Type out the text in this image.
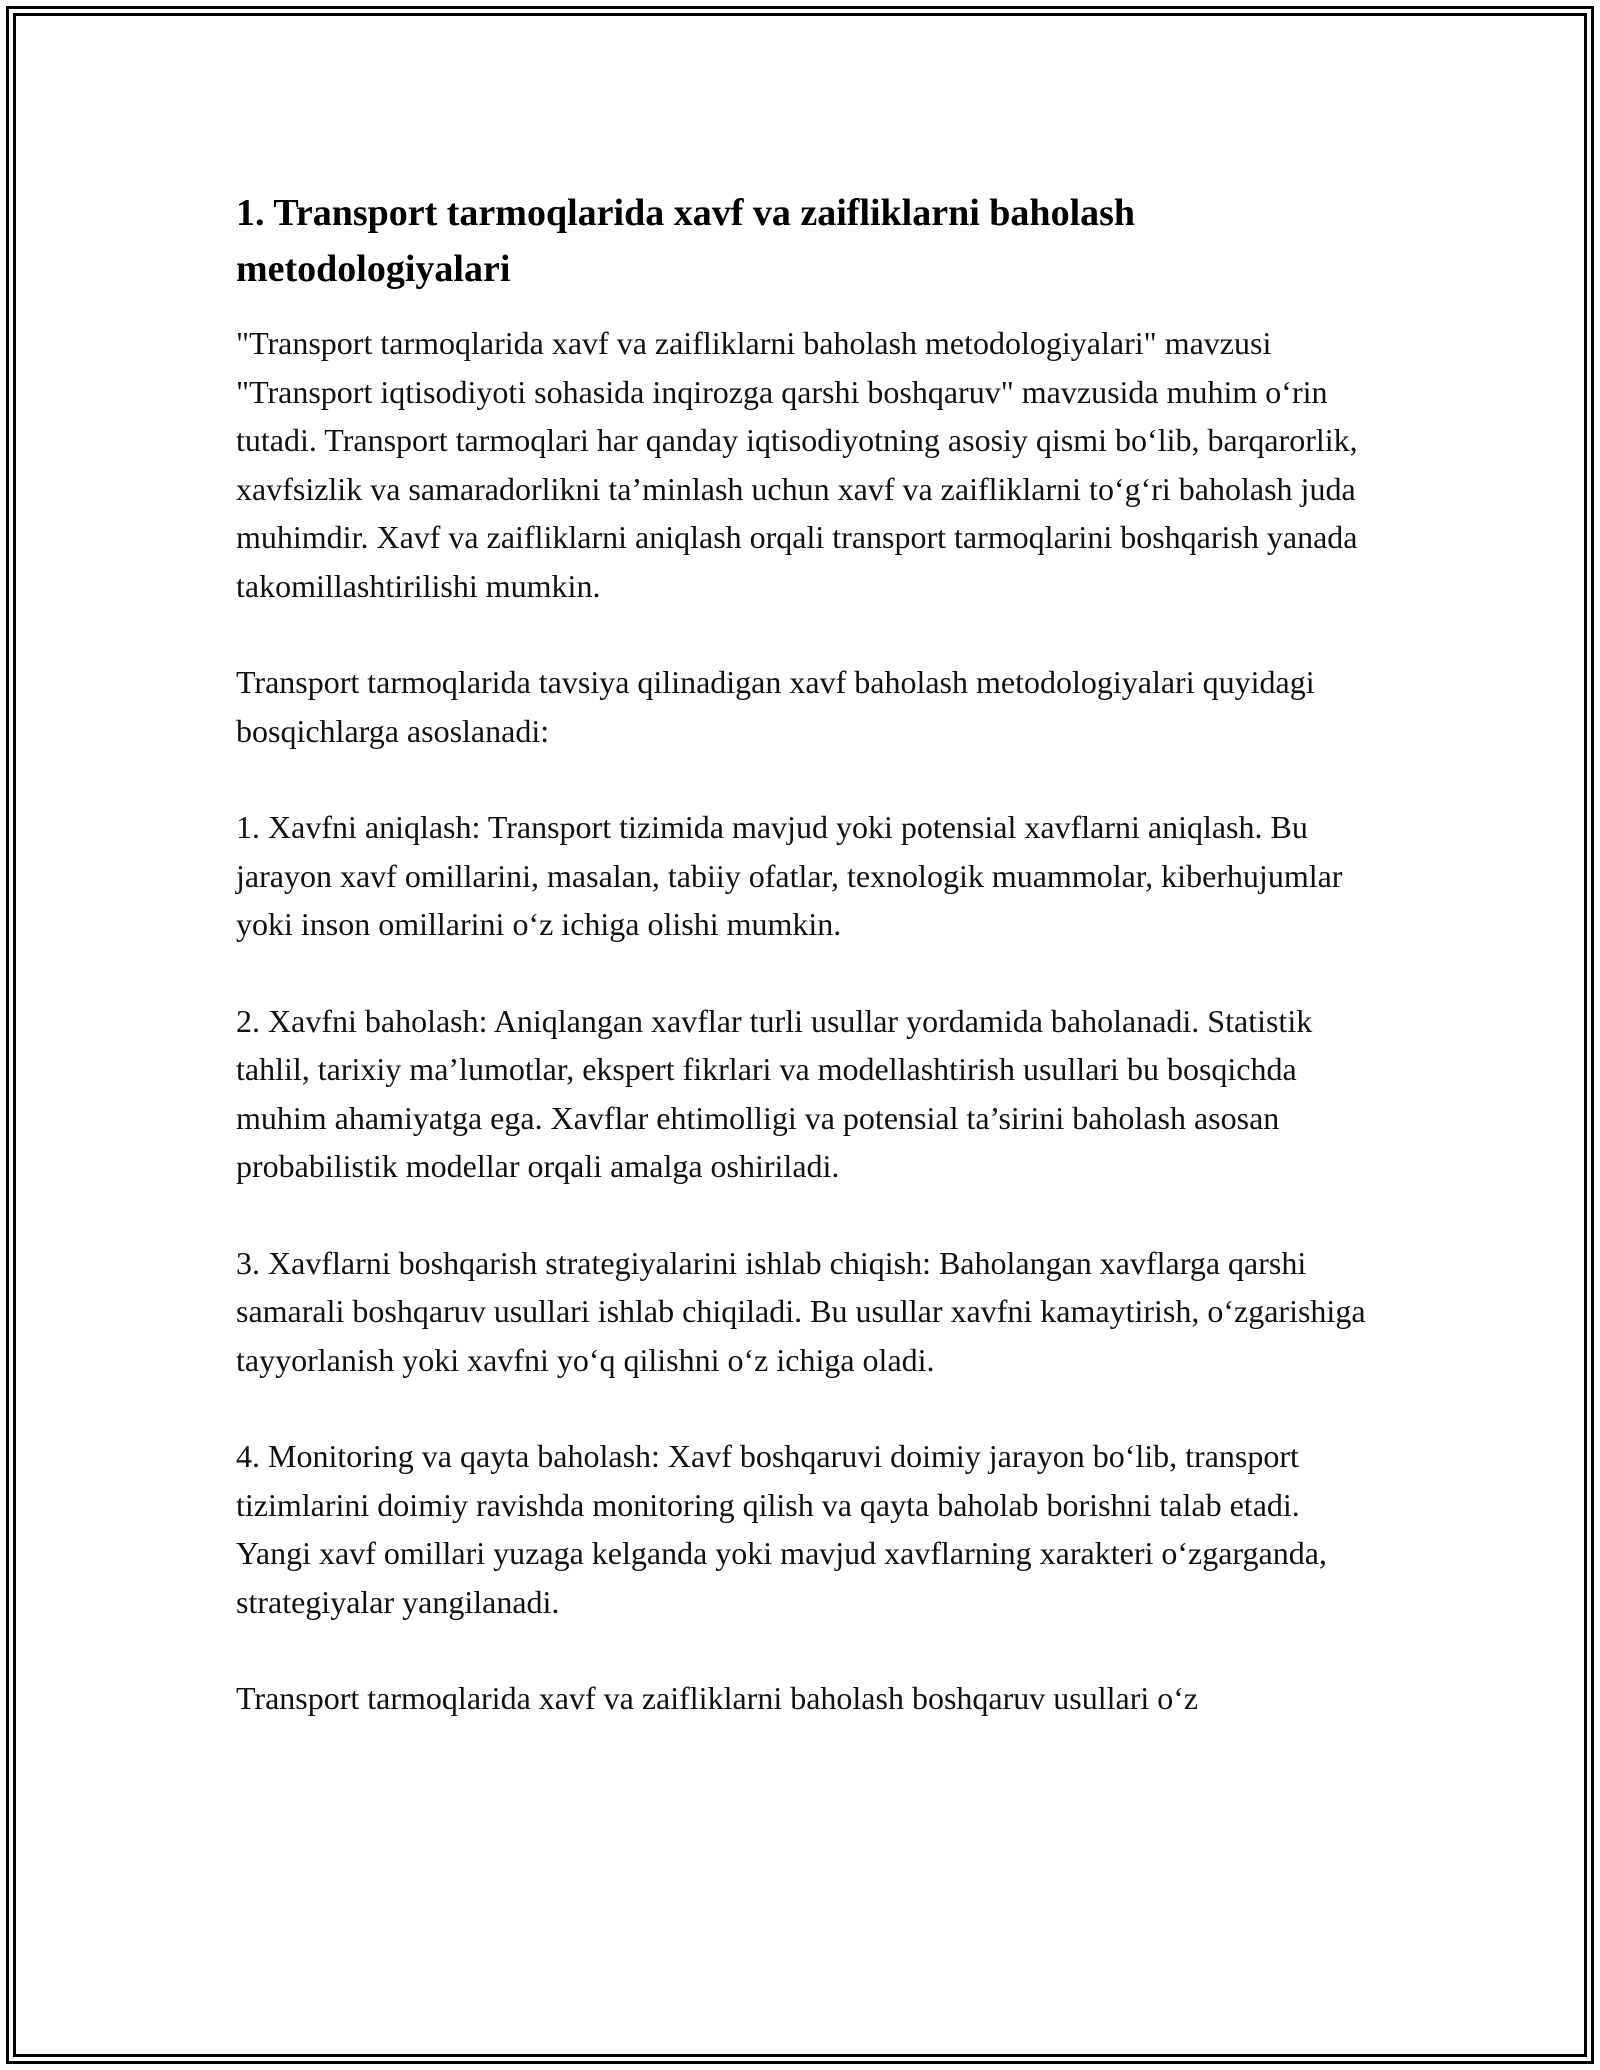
1. Transport tarmoqlarida xavf va zaifliklarni baholash metodologiyalari

"Transport tarmoqlarida xavf va zaifliklarni baholash metodologiyalari" mavzusi "Transport iqtisodiyoti sohasida inqirozga qarshi boshqaruv" mavzusida muhim o‘rin tutadi. Transport tarmoqlari har qanday iqtisodiyotning asosiy qismi bo‘lib, barqarorlik, xavfsizlik va samaradorlikni ta’minlash uchun xavf va zaifliklarni to‘g‘ri baholash juda muhimdir. Xavf va zaifliklarni aniqlash orqali transport tarmoqlarini boshqarish yanada takomillashtirilishi mumkin.

Transport tarmoqlarida tavsiya qilinadigan xavf baholash metodologiyalari quyidagi bosqichlarga asoslanadi:

1. Xavfni aniqlash: Transport tizimida mavjud yoki potensial xavflarni aniqlash. Bu jarayon xavf omillarini, masalan, tabiiy ofatlar, texnologik muammolar, kiberhujumlar yoki inson omillarini o‘z ichiga olishi mumkin.

2. Xavfni baholash: Aniqlangan xavflar turli usullar yordamida baholanadi. Statistik tahlil, tarixiy ma’lumotlar, ekspert fikrlari va modellashtirish usullari bu bosqichda muhim ahamiyatga ega. Xavflar ehtimolligi va potensial ta’sirini baholash asosan probabilistik modellar orqali amalga oshiriladi.

3. Xavflarni boshqarish strategiyalarini ishlab chiqish: Baholangan xavflarga qarshi samarali boshqaruv usullari ishlab chiqiladi. Bu usullar xavfni kamaytirish, o‘zgarishiga tayyorlanish yoki xavfni yo‘q qilishni o‘z ichiga oladi.

4. Monitoring va qayta baholash: Xavf boshqaruvi doimiy jarayon bo‘lib, transport tizimlarini doimiy ravishda monitoring qilish va qayta baholab borishni talab etadi. Yangi xavf omillari yuzaga kelganda yoki mavjud xavflarning xarakteri o‘zgarganda, strategiyalar yangilanadi.

Transport tarmoqlarida xavf va zaifliklarni baholash boshqaruv usullari o‘z
